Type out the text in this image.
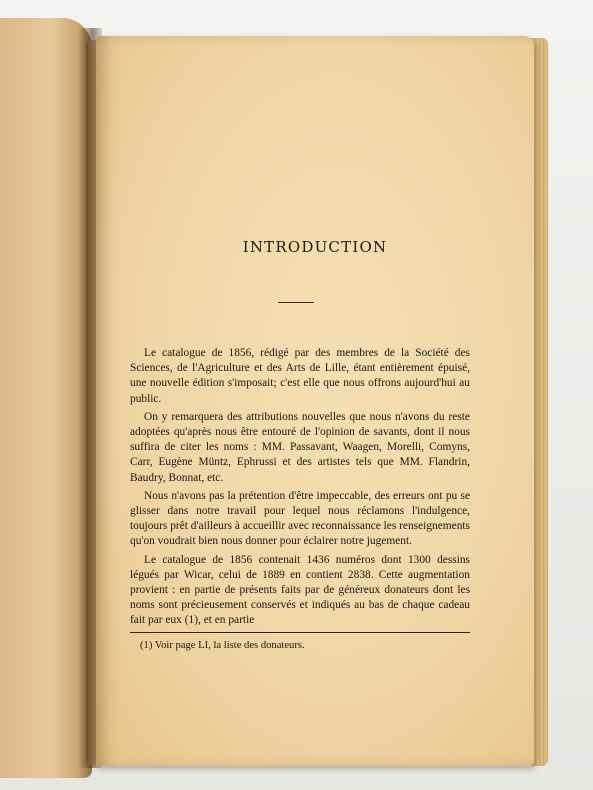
INTRODUCTION

Le catalogue de 1856, rédigé par des membres de la Société des Sciences, de l'Agriculture et des Arts de Lille, étant entièrement épuisé, une nouvelle édition s'imposait; c'est elle que nous offrons aujourd'hui au public.

On y remarquera des attributions nouvelles que nous n'avons du reste adoptées qu'après nous être entouré de l'opinion de savants, dont il nous suffira de citer les noms : MM. Passavant, Waagen, Morelli, Comyns, Carr, Eugène Müntz, Ephrussi et des artistes tels que MM. Flandrin, Baudry, Bonnat, etc.

Nous n'avons pas la prétention d'être impeccable, des erreurs ont pu se glisser dans notre travail pour lequel nous réclamons l'indulgence, toujours prêt d'ailleurs à accueillir avec reconnaissance les renseignements qu'on voudrait bien nous donner pour éclairer notre jugement.

Le catalogue de 1856 contenait 1436 numéros dont 1300 dessins légués par Wicar, celui de 1889 en contient 2838. Cette augmentation provient : en partie de présents faits par de généreux donateurs dont les noms sont précieusement conservés et indiqués au bas de chaque cadeau fait par eux (1), et en partie

(1) Voir page LI, la liste des donateurs.
